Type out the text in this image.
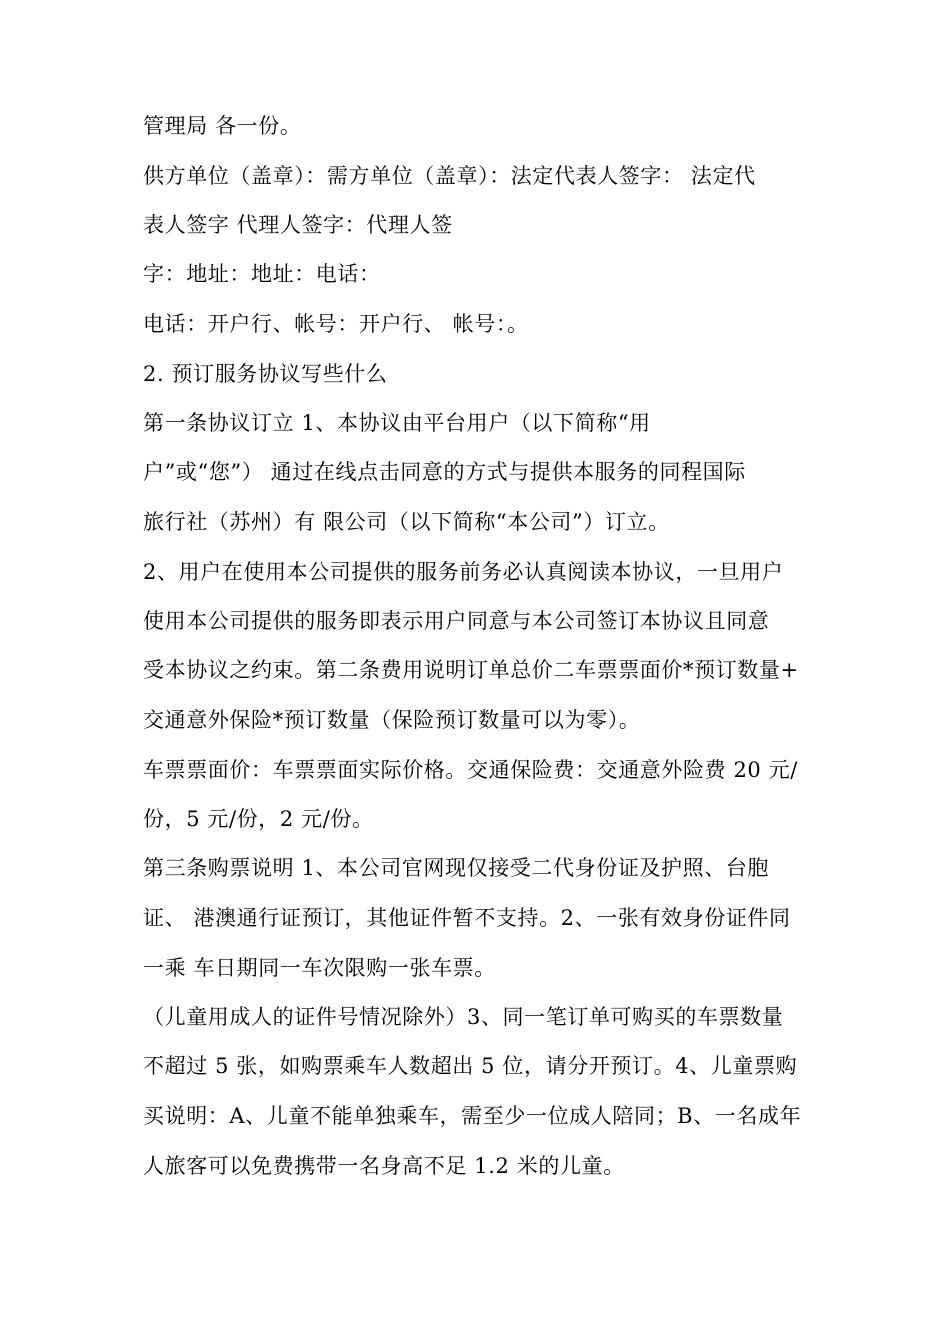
管理局 各一份。
供方单位（盖章）：需方单位（盖章）：法定代表人签字： 法定代
表人签字 代理人签字：代理人签
字：地址：地址：电话：
电话：开户行、帐号：开户行、 帐号：。
2. 预订服务协议写些什么
第一条协议订立 1、本协议由平台用户（以下简称“用
户”或“您”） 通过在线点击同意的方式与提供本服务的同程国际
旅行社（苏州）有 限公司（以下简称“本公司”）订立。
2、用户在使用本公司提供的服务前务必认真阅读本协议，一旦用户
使用本公司提供的服务即表示用户同意与本公司签订本协议且同意
受本协议之约束。第二条费用说明订单总价二车票票面价*预订数量+
交通意外保险*预订数量（保险预订数量可以为零）。
车票票面价：车票票面实际价格。交通保险费：交通意外险费 20 元/
份，5 元/份，2 元/份。
第三条购票说明 1、本公司官网现仅接受二代身份证及护照、台胞
证、 港澳通行证预订，其他证件暂不支持。2、一张有效身份证件同
一乘 车日期同一车次限购一张车票。
（儿童用成人的证件号情况除外）3、同一笔订单可购买的车票数量
不超过 5 张，如购票乘车人数超出 5 位，请分开预订。4、儿童票购
买说明：A、儿童不能单独乘车，需至少一位成人陪同；B、一名成年
人旅客可以免费携带一名身高不足 1.2 米的儿童。
